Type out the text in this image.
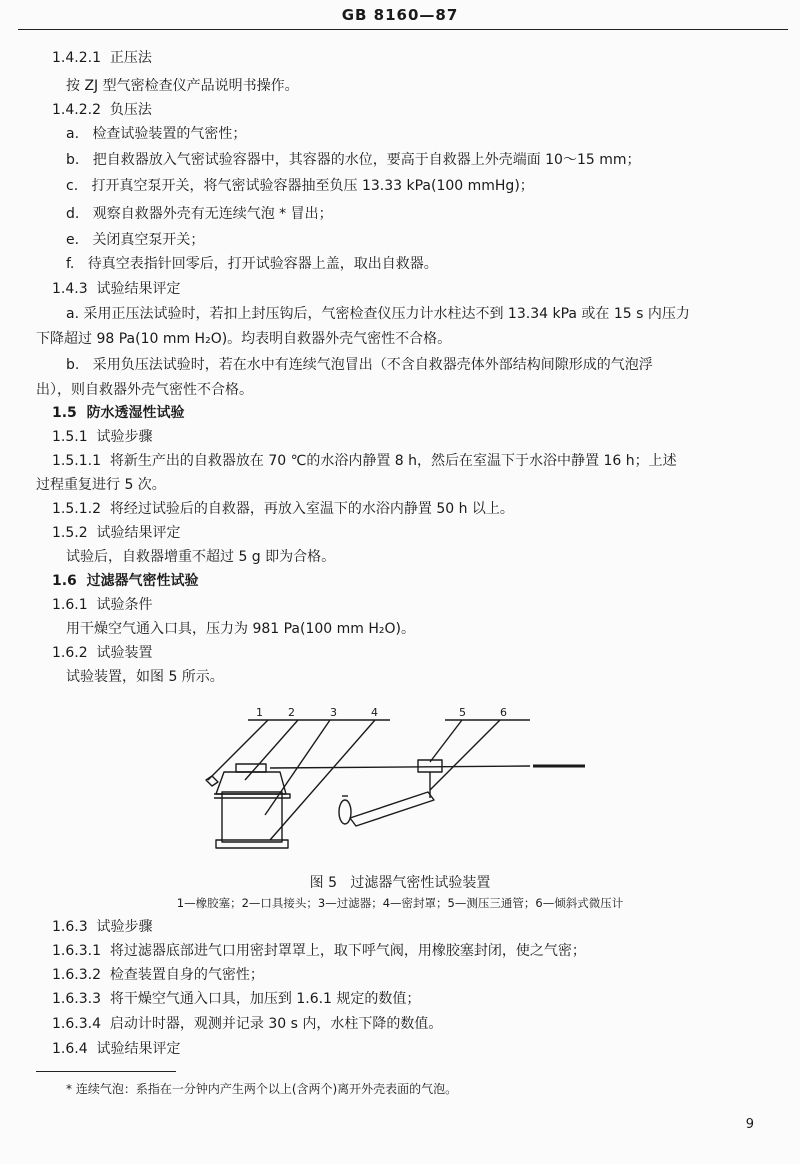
GB 8160—87
1.4.2.1 正压法
按 ZJ 型气密检查仪产品说明书操作。
1.4.2.2 负压法
a. 检查试验装置的气密性；
b. 把自救器放入气密试验容器中，其容器的水位，要高于自救器上外壳端面 10～15 mm；
c. 打开真空泵开关，将气密试验容器抽至负压 13.33 kPa(100 mmHg)；
d. 观察自救器外壳有无连续气泡 * 冒出；
e. 关闭真空泵开关；
f. 待真空表指针回零后，打开试验容器上盖，取出自救器。
1.4.3 试验结果评定
a. 采用正压法试验时，若扣上封压钩后，气密检查仪压力计水柱达不到 13.34 kPa 或在 15 s 内压力
下降超过 98 Pa(10 mm H₂O)。均表明自救器外壳气密性不合格。
b. 采用负压法试验时，若在水中有连续气泡冒出（不含自救器壳体外部结构间隙形成的气泡浮
出），则自救器外壳气密性不合格。
1.5 防水透湿性试验
1.5.1 试验步骤
1.5.1.1 将新生产出的自救器放在 70 ℃的水浴内静置 8 h，然后在室温下于水浴中静置 16 h；上述
过程重复进行 5 次。
1.5.1.2 将经过试验后的自救器，再放入室温下的水浴内静置 50 h 以上。
1.5.2 试验结果评定
试验后，自救器增重不超过 5 g 即为合格。
1.6 过滤器气密性试验
1.6.1 试验条件
用干燥空气通入口具，压力为 981 Pa(100 mm H₂O)。
1.6.2 试验装置
试验装置，如图 5 所示。
1 2	3	4	5	6
图 5 过滤器气密性试验装置
1—橡胶塞；2—口具接头；3—过滤器；4—密封罩；5—测压三通管；6—倾斜式微压计
1.6.3 试验步骤
1.6.3.1 将过滤器底部进气口用密封罩罩上，取下呼气阀，用橡胶塞封闭，使之气密；
1.6.3.2 检查装置自身的气密性；
1.6.3.3 将干燥空气通入口具，加压到 1.6.1 规定的数值；
1.6.3.4 启动计时器，观测并记录 30 s 内，水柱下降的数值。
1.6.4 试验结果评定
* 连续气泡：系指在一分钟内产生两个以上(含两个)离开外壳表面的气泡。
9
